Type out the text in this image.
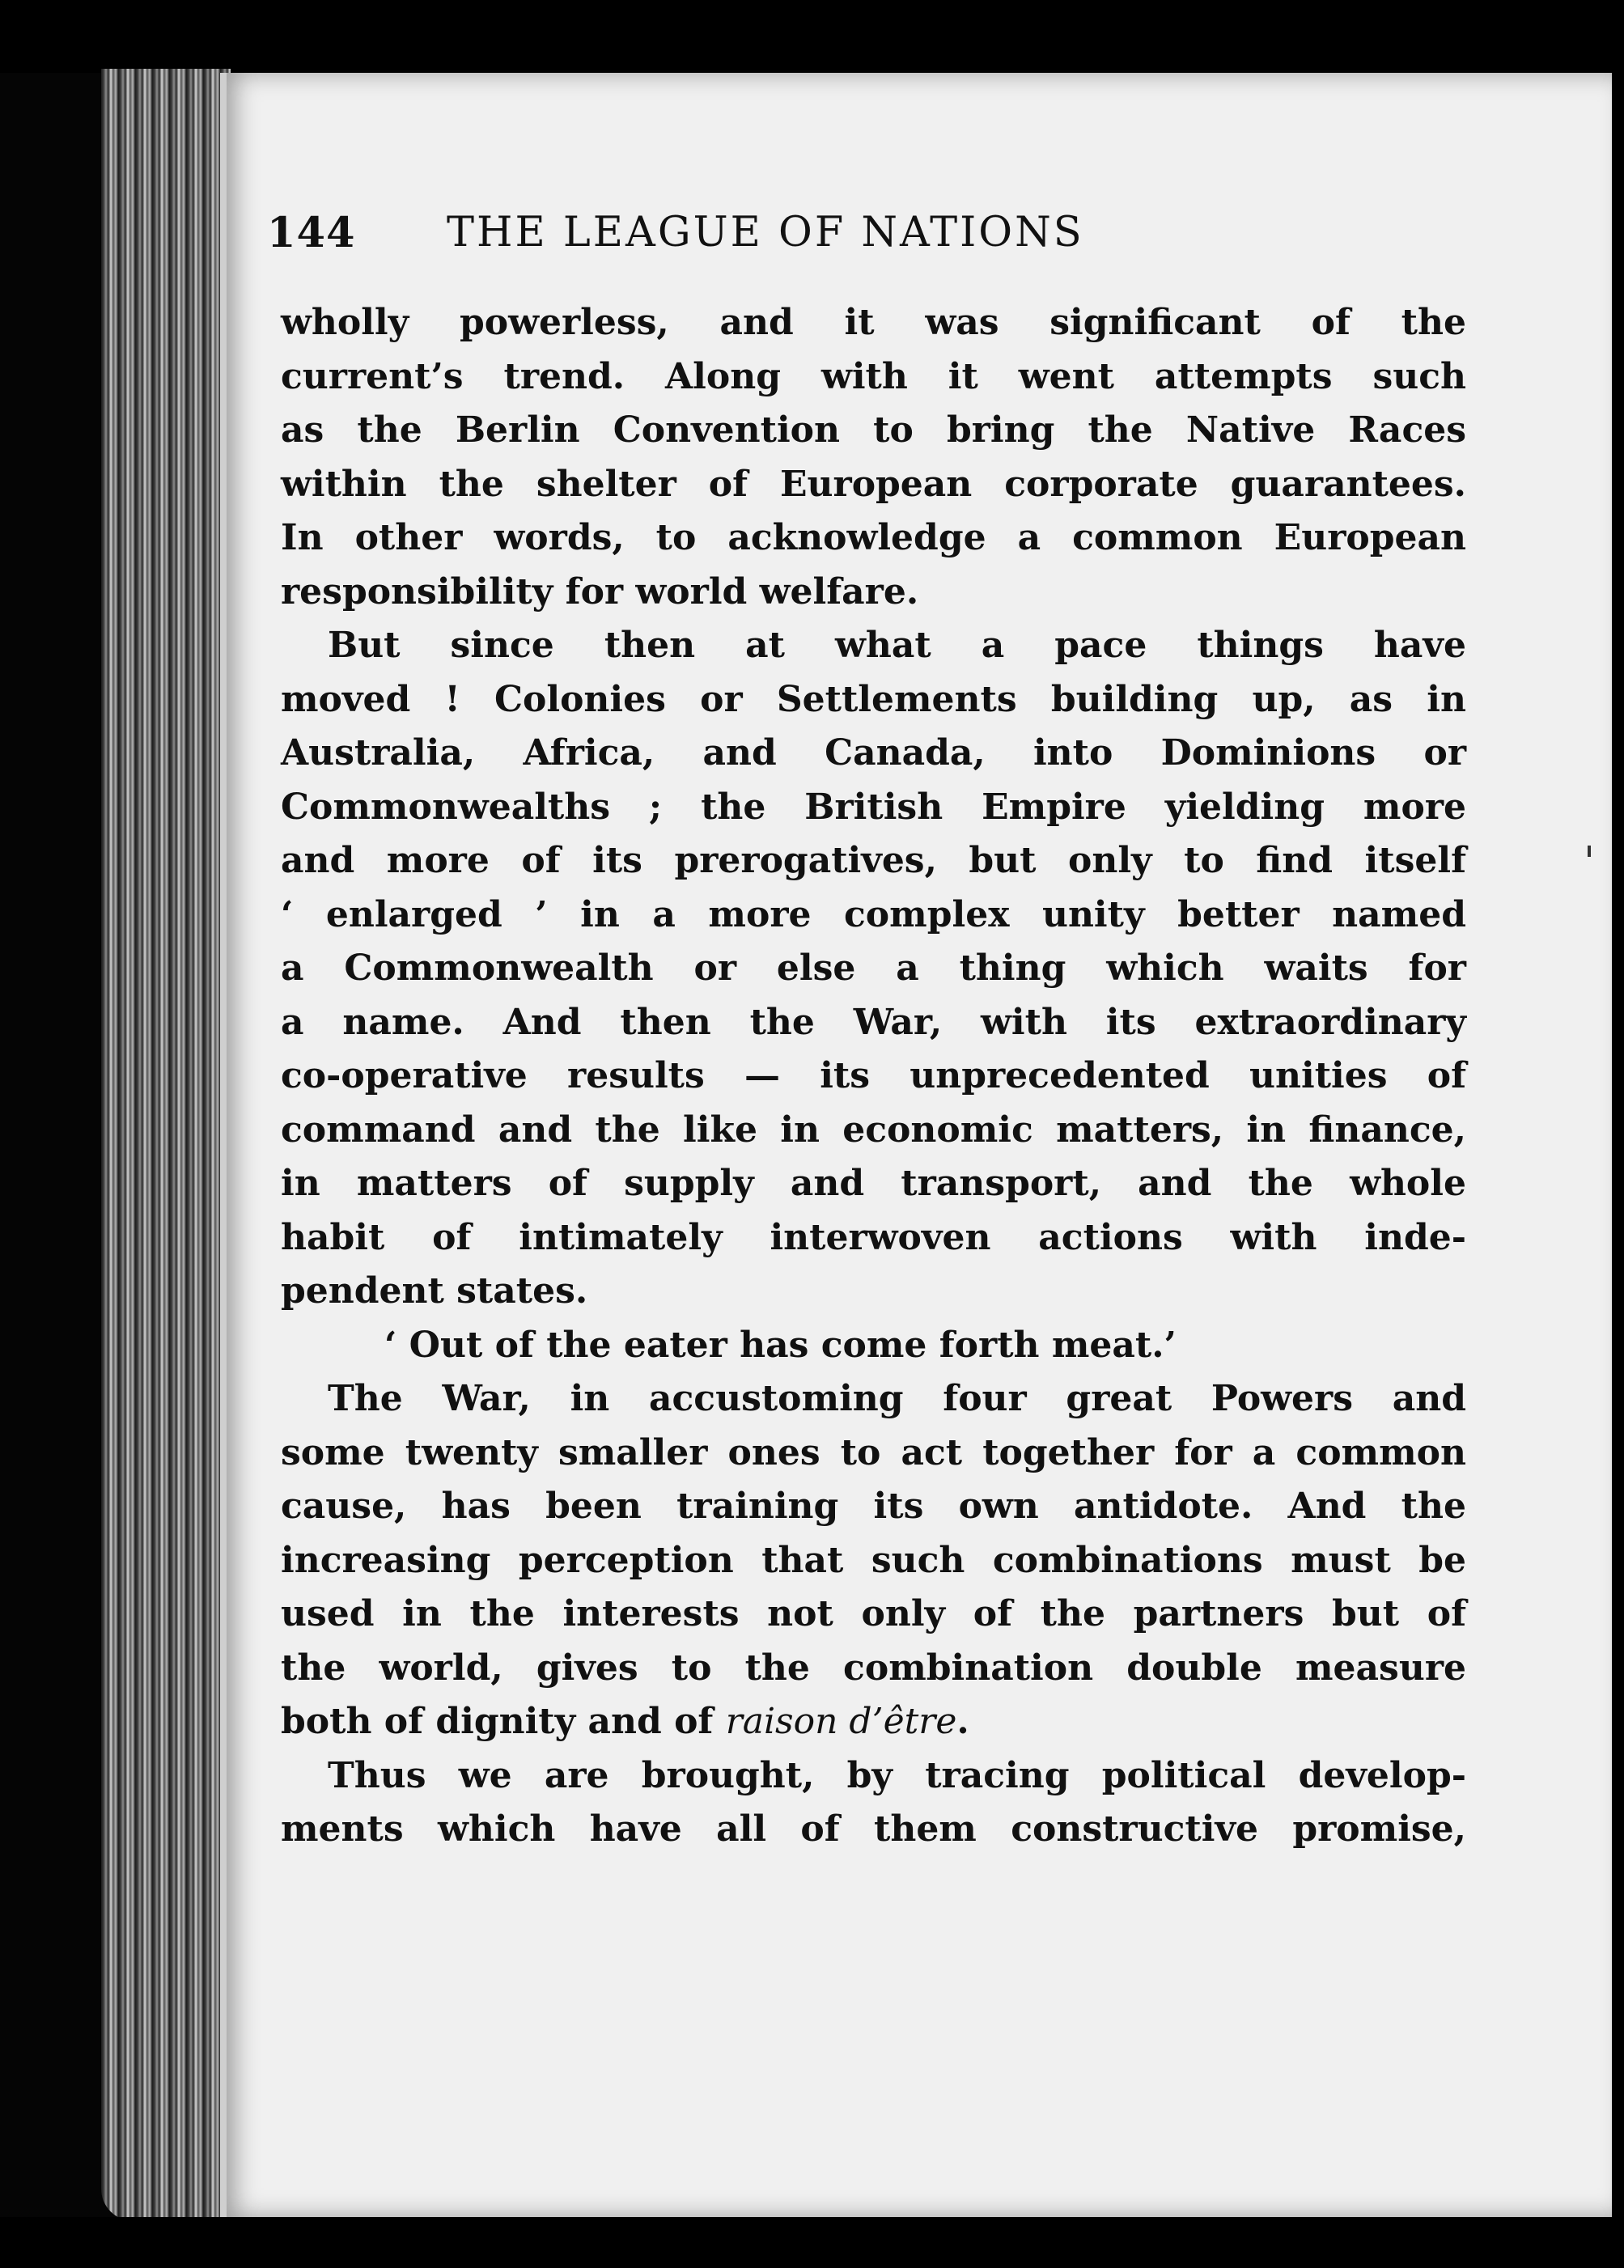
144 THE LEAGUE OF NATIONS
wholly powerless, and it was significant of the
current’s trend. Along with it went attempts such
as the Berlin Convention to bring the Native Races
within the shelter of European corporate guarantees.
In other words, to acknowledge a common European
responsibility for world welfare.
But since then at what a pace things have
moved ! Colonies or Settlements building up, as in
Australia, Africa, and Canada, into Dominions or
Commonwealths ; the British Empire yielding more
and more of its prerogatives, but only to find itself
‘ enlarged ’ in a more complex unity better named
a Commonwealth or else a thing which waits for
a name. And then the War, with its extraordinary
co-operative results — its unprecedented unities of
command and the like in economic matters, in finance,
in matters of supply and transport, and the whole
habit of intimately interwoven actions with inde-
pendent states.
‘ Out of the eater has come forth meat.’
The War, in accustoming four great Powers and
some twenty smaller ones to act together for a common
cause, has been training its own antidote. And the
increasing perception that such combinations must be
used in the interests not only of the partners but of
the world, gives to the combination double measure
both of dignity and of raison d’être.
Thus we are brought, by tracing political develop-
ments which have all of them constructive promise,
